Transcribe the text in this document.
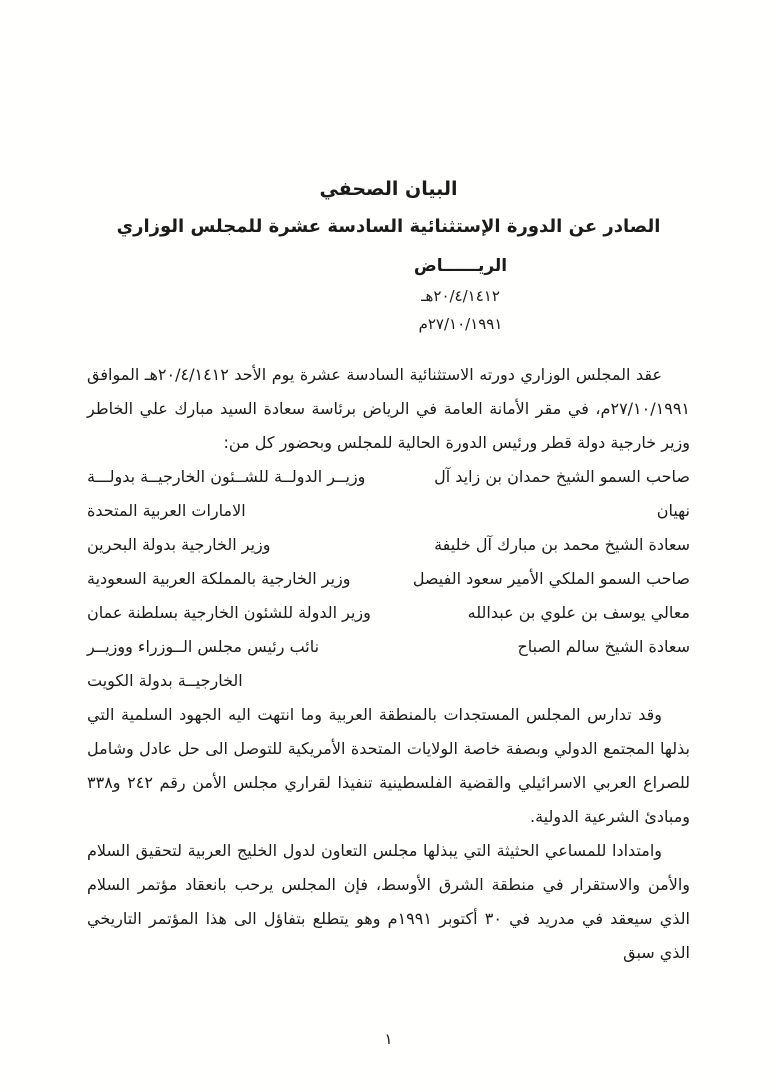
البيان الصحفي
الصادر عن الدورة الإستثنائية السادسة عشرة للمجلس الوزاري
الريــــــاض
٢٠/٤/١٤١٢هـ
٢٧/١٠/١٩٩١م

عقد المجلس الوزاري دورته الاستثنائية السادسة عشرة يوم الأحد ٢٠/٤/١٤١٢هـ الموافق ٢٧/١٠/١٩٩١م، في مقر الأمانة العامة في الرياض برئاسة سعادة السيد مبارك علي الخاطر وزير خارجية دولة قطر ورئيس الدورة الحالية للمجلس وبحضور كل من:

صاحب السمو الشيخ حمدان بن زايد آل نهيان
وزيــر الدولــة للشــئون الخارجيــة بدولـــة الامارات العربية المتحدة
سعادة الشيخ محمد بن مبارك آل خليفة
وزير الخارجية بدولة البحرين
صاحب السمو الملكي الأمير سعود الفيصل
وزير الخارجية بالمملكة العربية السعودية
معالي يوسف بن علوي بن عبدالله
وزير الدولة للشئون الخارجية بسلطنة عمان
سعادة الشيخ سالم الصباح
نائب رئيس مجلس الــوزراء ووزيــر الخارجيــة بدولة الكويت

وقد تدارس المجلس المستجدات بالمنطقة العربية وما انتهت اليه الجهود السلمية التي بذلها المجتمع الدولي وبصفة خاصة الولايات المتحدة الأمريكية للتوصل الى حل عادل وشامل للصراع العربي الاسرائيلي والقضية الفلسطينية تنفيذا لقراري مجلس الأمن رقم ٢٤٢ و٣٣٨ ومبادئ الشرعية الدولية.

وامتدادا للمساعي الحثيثة التي يبذلها مجلس التعاون لدول الخليج العربية لتحقيق السلام والأمن والاستقرار في منطقة الشرق الأوسط، فإن المجلس يرحب بانعقاد مؤتمر السلام الذي سيعقد في مدريد في ٣٠ أكتوبر ١٩٩١م وهو يتطلع بتفاؤل الى هذا المؤتمر التاريخي الذي سبق

١
